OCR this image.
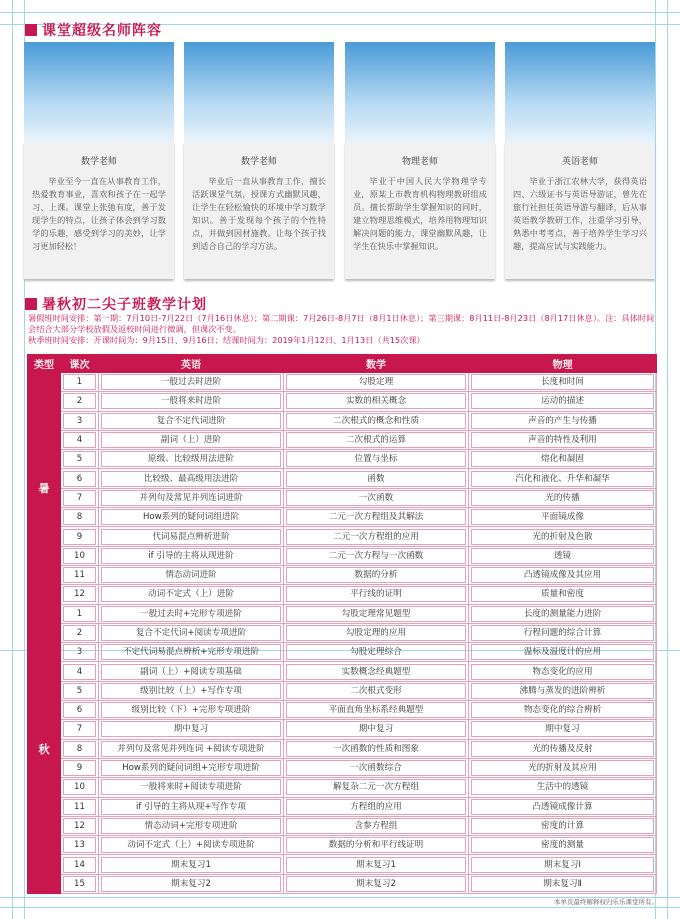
课堂超级名师阵容
数学老师
毕业至今一直在从事教育工作，热爱教育事业，喜欢和孩子在一起学习、上课。课堂上张弛有度，善于发现学生的特点，让孩子体会到学习数学的乐趣，感受到学习的美妙，让学习更加轻松！
数学老师
毕业后一直从事教育工作，擅长活跃课堂气氛，授课方式幽默风趣，让学生在轻松愉快的环境中学习数学知识。善于发现每个孩子的个性特点，并做到因材施教。让每个孩子找到适合自己的学习方法。
物理老师
毕业于中国人民大学物理学专业，原某上市教育机构物理教研组成员。擅长帮助学生掌握知识的同时，建立物理思维模式，培养用物理知识解决问题的能力，课堂幽默风趣，让学生在快乐中掌握知识。
英语老师
毕业于浙江农林大学，获得英语四、六级证书与英语导游证，曾先在旅行社担任英语导游与翻译，后从事英语教学教研工作，注重学习引导，熟悉中考考点，善于培养学生学习兴趣，提高应试与实践能力。
暑秋初二尖子班教学计划
暑假班时间安排：第一期：7月10日-7月22日（7月16日休息）；第二期课：7月26日-8月7日（8月1日休息）；第三期课：8月11日-8月23日（8月17日休息）。注：具体时间会结合大部分学校放假及返校时间进行微调，但课次不变。
秋季班时间安排：开课时间为：9月15日、9月16日；结课时间为：2019年1月12日、1月13日（共15次课）
类型	课次	英语	数学	物理
暑	1	一般过去时进阶	勾股定理	长度和时间

	2	一般将来时进阶	实数的相关概念	运动的描述

	3	复合不定代词进阶	二次根式的概念和性质	声音的产生与传播

	4	副词（上）进阶	二次根式的运算	声音的特性及利用

	5	原级、比较级用法进阶	位置与坐标	熔化和凝固

	6	比较级、最高级用法进阶	函数	汽化和液化、升华和凝华

	7	并列句及常见并列连词进阶	一次函数	光的传播

	8	How系列的疑问词组进阶	二元一次方程组及其解法	平面镜成像

	9	代词易混点辨析进阶	二元一次方程组的应用	光的折射及色散

	10	if 引导的主将从现进阶	二元一次方程与一次函数	透镜

	11	情态动词进阶	数据的分析	凸透镜成像及其应用

	12	动词不定式（上）进阶	平行线的证明	质量和密度

秋	1	一般过去时+完形专项进阶	勾股定理常见题型	长度的测量能力进阶

	2	复合不定代词+阅读专项进阶	勾股定理的应用	行程问题的综合计算

	3	不定代词易混点辨析+完形专项进阶	勾股定理综合	温标及温度计的应用

	4	副词（上）+阅读专项基础	实数概念经典题型	物态变化的应用

	5	级别比较（上）+写作专项	二次根式变形	沸腾与蒸发的进阶辨析

	6	级别比较（下）+完形专项进阶	平面直角坐标系经典题型	物态变化的综合辨析

	7	期中复习	期中复习	期中复习

	8	并列句及常见并列连词 +阅读专项进阶	一次函数的性质和图象	光的传播及反射

	9	How系列的疑问词组+完形专项进阶	一次函数综合	光的折射及其应用

	10	一般将来时+阅读专项进阶	解复杂二元一次方程组	生活中的透镜

	11	if 引导的主将从现+写作专项	方程组的应用	凸透镜成像计算

	12	情态动词+完形专项进阶	含参方程组	密度的计算

	13	动词不定式（上）+阅读专项进阶	数据的分析和平行线证明	密度的测量

	14	期末复习1	期末复习1	期末复习Ⅰ

	15	期末复习2	期末复习2	期末复习Ⅱ
本单页最终解释权归乐乐课堂所有。
